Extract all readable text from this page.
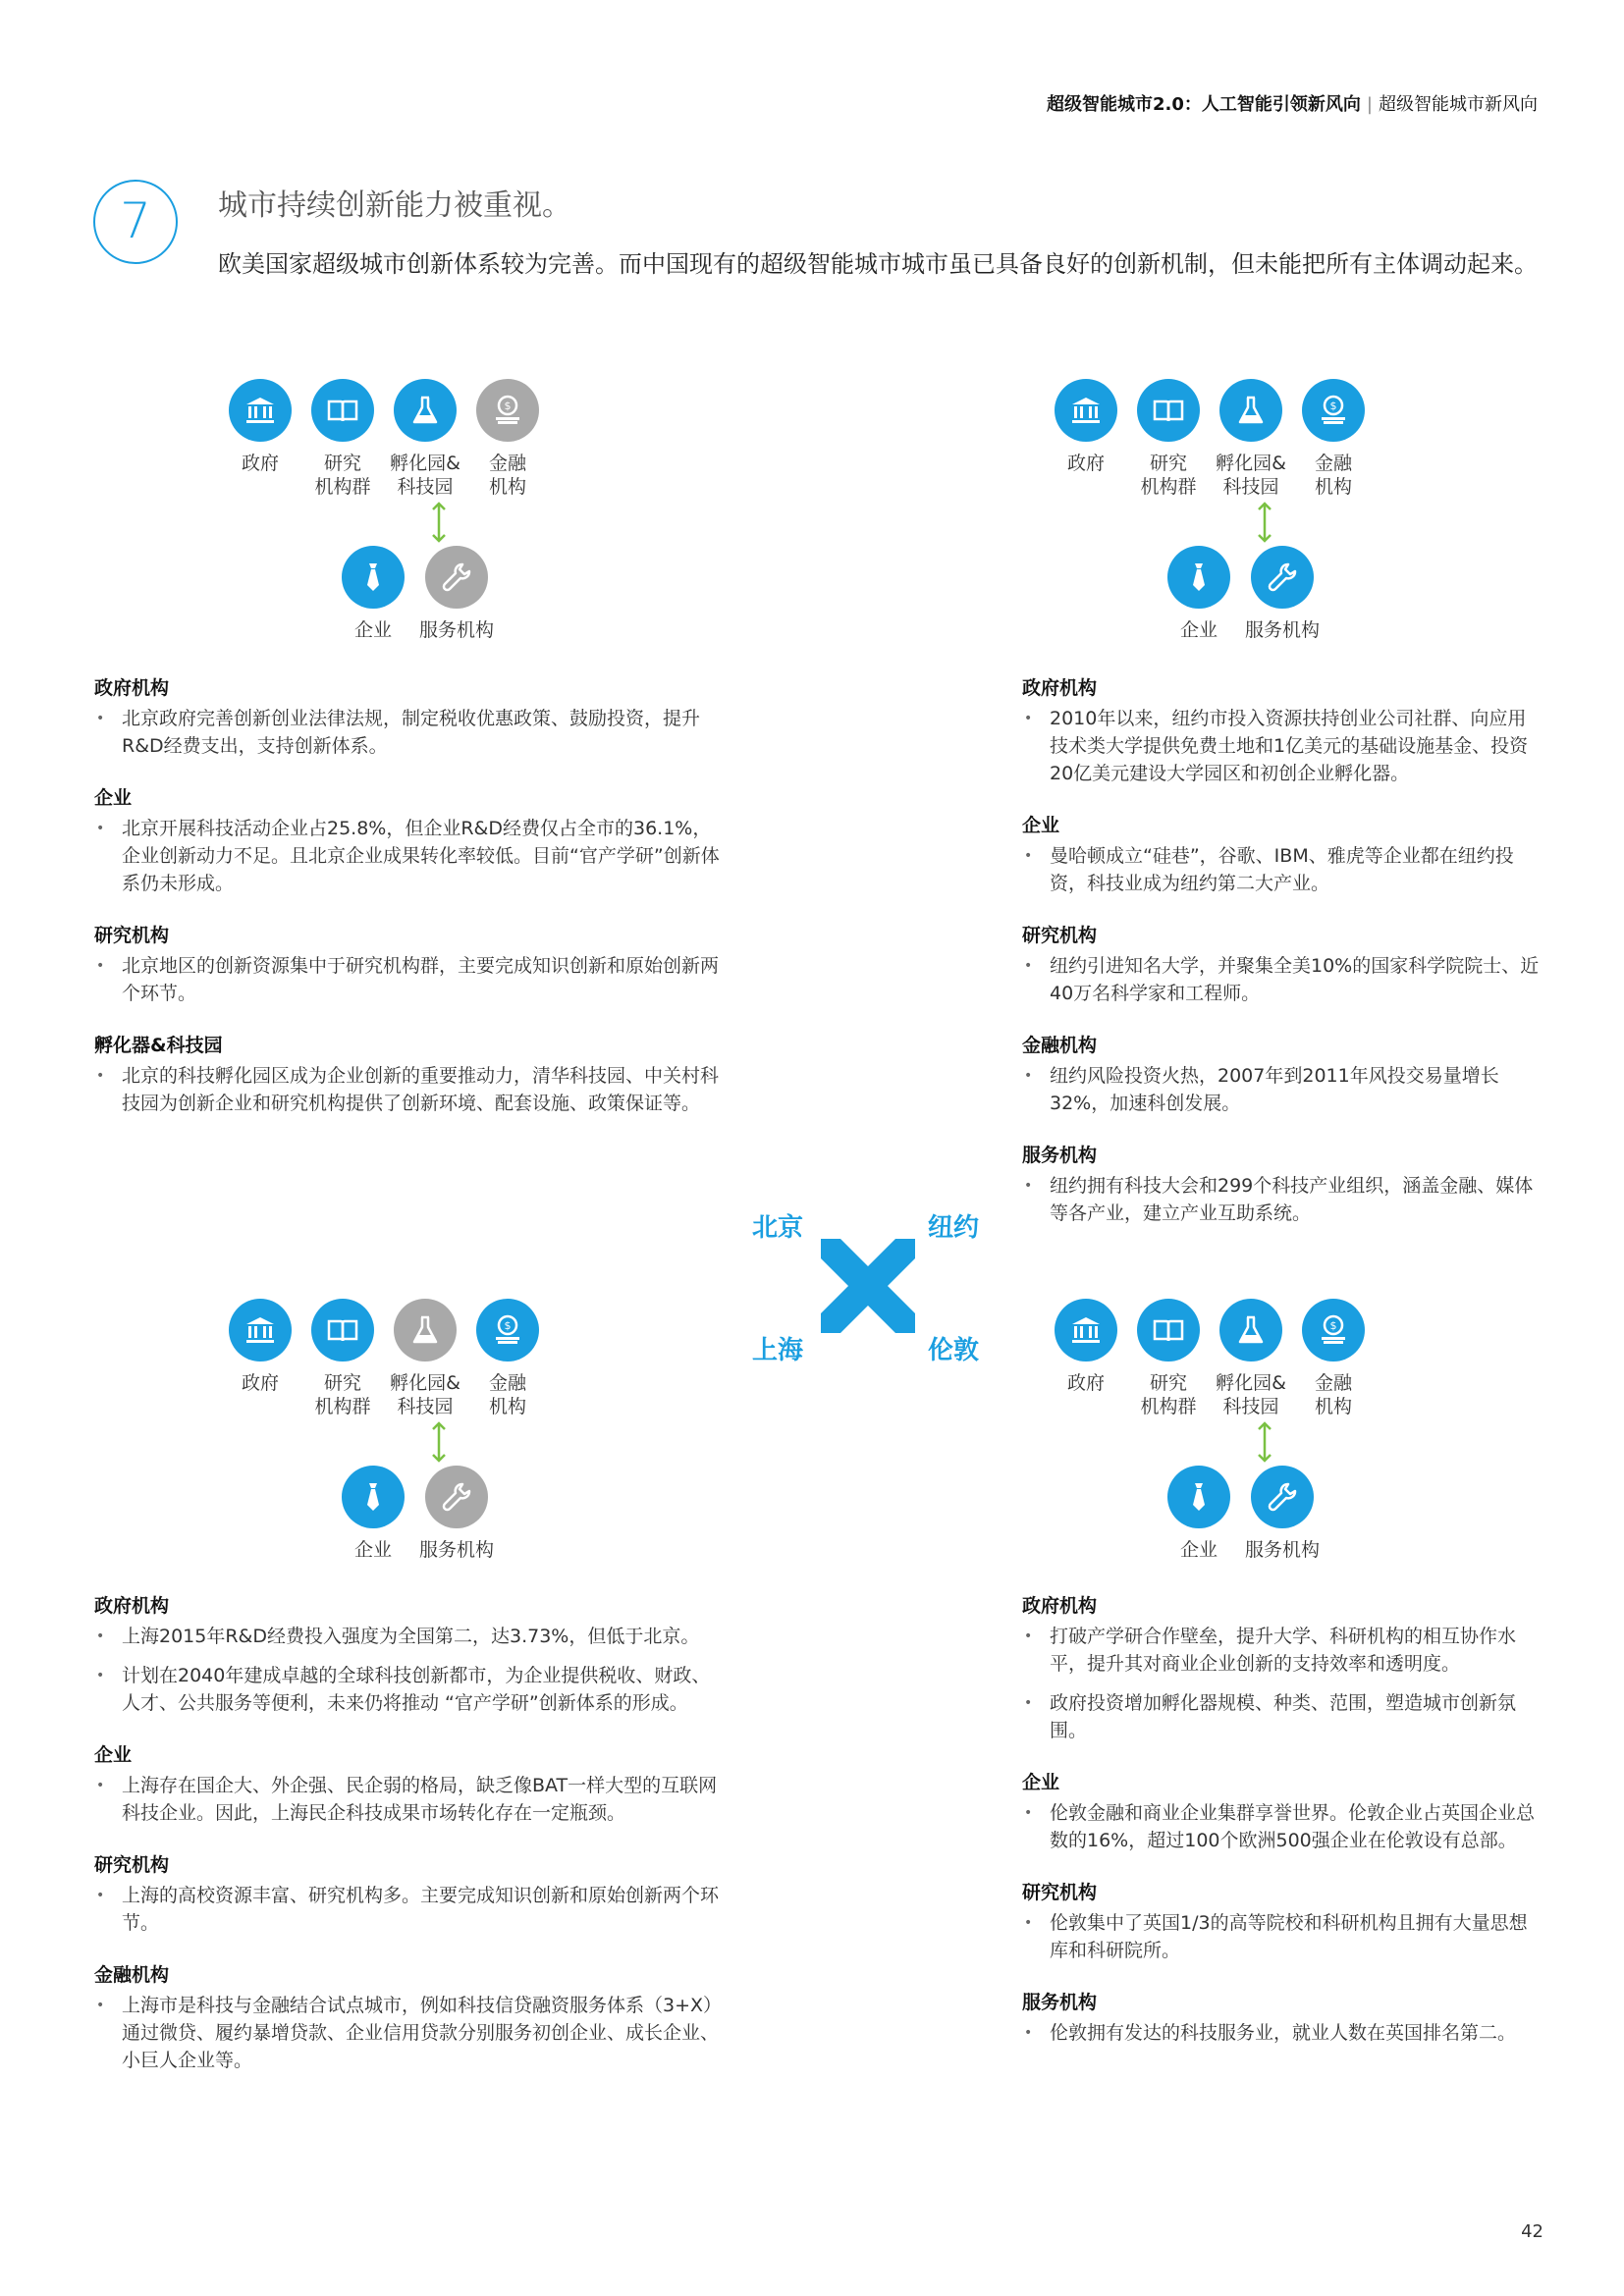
超级智能城市2.0：人工智能引领新风向 | 超级智能城市新风向
7	城市持续创新能力被重视。
欧美国家超级城市创新体系较为完善。而中国现有的超级智能城市城市虽已具备良好的创新机制，但未能把所有主体调动起来。
政府	研究
机构群
孵化园&
科技园
金融
机构
企业	服务机构
政府	研究
机构群
孵化园&
科技园
金融
机构
企业	服务机构
政府	研究
机构群
孵化园&
科技园
金融
机构
企业	服务机构
政府	研究
机构群
孵化园&
科技园
金融
机构
企业	服务机构
北京	纽约
上海	伦敦
政府机构
• 北京政府完善创新创业法律法规，制定税收优惠政策、鼓励投资，提升R&D经费支出，支持创新体系。
企业
• 北京开展科技活动企业占25.8%，但企业R&D经费仅占全市的36.1%，企业创新动力不足。且北京企业成果转化率较低。目前“官产学研”创新体系仍未形成。
研究机构
• 北京地区的创新资源集中于研究机构群，主要完成知识创新和原始创新两个环节。
孵化器&科技园
• 北京的科技孵化园区成为企业创新的重要推动力，清华科技园、中关村科技园为创新企业和研究机构提供了创新环境、配套设施、政策保证等。
政府机构
• 2010年以来，纽约市投入资源扶持创业公司社群、向应用技术类大学提供免费土地和1亿美元的基础设施基金、投资20亿美元建设大学园区和初创企业孵化器。
企业
• 曼哈顿成立“硅巷”，谷歌、IBM、雅虎等企业都在纽约投资，科技业成为纽约第二大产业。
研究机构
• 纽约引进知名大学，并聚集全美10%的国家科学院院士、近40万名科学家和工程师。
金融机构
• 纽约风险投资火热，2007年到2011年风投交易量增长32%，加速科创发展。
服务机构
• 纽约拥有科技大会和299个科技产业组织，涵盖金融、媒体等各产业，建立产业互助系统。
政府机构
• 上海2015年R&D经费投入强度为全国第二，达3.73%，但低于北京。
• 计划在2040年建成卓越的全球科技创新都市，为企业提供税收、财政、人才、公共服务等便利，未来仍将推动 “官产学研”创新体系的形成。
企业
• 上海存在国企大、外企强、民企弱的格局，缺乏像BAT一样大型的互联网科技企业。因此，上海民企科技成果市场转化存在一定瓶颈。
研究机构
• 上海的高校资源丰富、研究机构多。主要完成知识创新和原始创新两个环节。
金融机构
• 上海市是科技与金融结合试点城市，例如科技信贷融资服务体系（3+X）通过微贷、履约暴增贷款、企业信用贷款分别服务初创企业、成长企业、小巨人企业等。
政府机构
• 打破产学研合作壁垒，提升大学、科研机构的相互协作水平，提升其对商业企业创新的支持效率和透明度。
• 政府投资增加孵化器规模、种类、范围，塑造城市创新氛围。
企业
• 伦敦金融和商业企业集群享誉世界。伦敦企业占英国企业总数的16%，超过100个欧洲500强企业在伦敦设有总部。
研究机构
• 伦敦集中了英国1/3的高等院校和科研机构且拥有大量思想库和科研院所。
服务机构
• 伦敦拥有发达的科技服务业，就业人数在英国排名第二。
42
